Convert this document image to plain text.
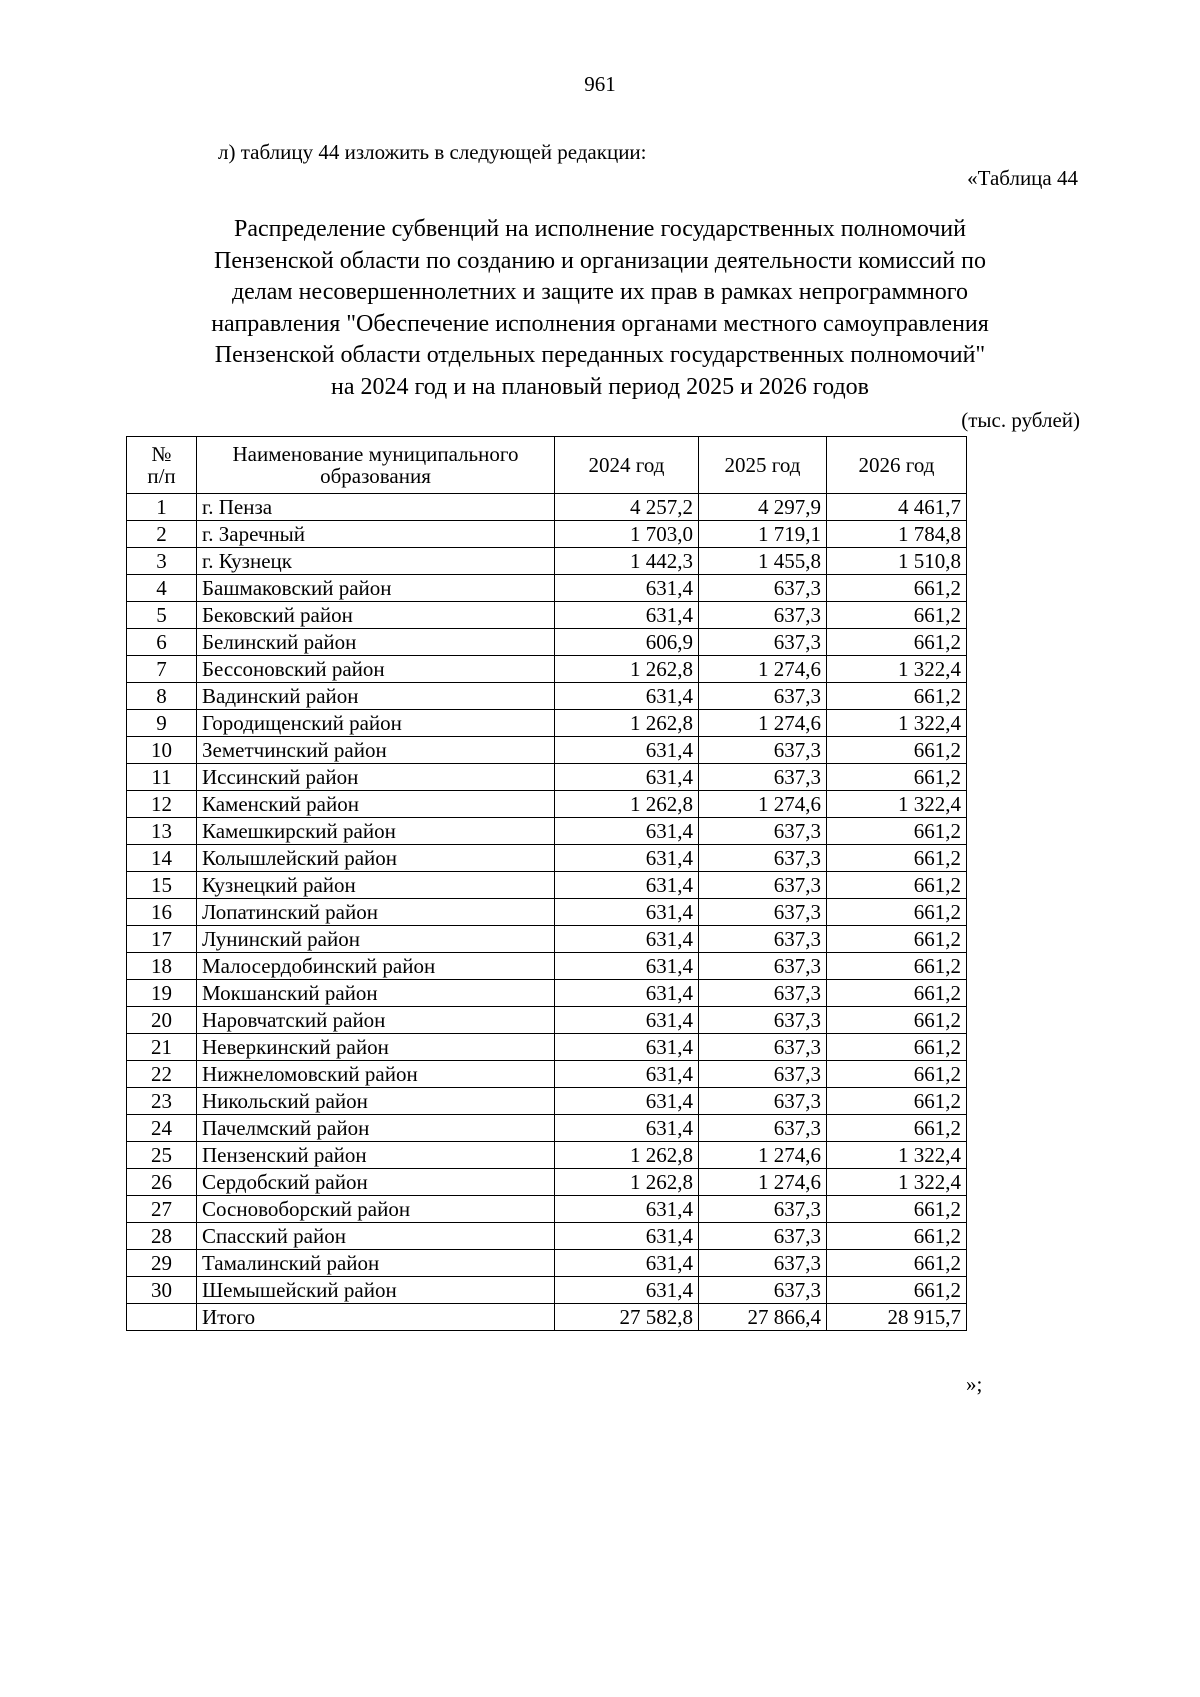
961
л) таблицу 44 изложить в следующей редакции:
«Таблица 44
Распределение субвенций на исполнение государственных полномочий
Пензенской области по созданию и организации деятельности комиссий по
делам несовершеннолетних и защите их прав в рамках непрограммного
направления "Обеспечение исполнения органами местного самоуправления
Пензенской области отдельных переданных государственных полномочий"
на 2024 год и на плановый период 2025 и 2026 годов
(тыс. рублей)
№
п/п	Наименование муниципального образования	2024 год	2025 год	2026 год
1	г. Пенза	4 257,2	4 297,9	4 461,7
2	г. Заречный	1 703,0	1 719,1	1 784,8
3	г. Кузнецк	1 442,3	1 455,8	1 510,8
4	Башмаковский район	631,4	637,3	661,2
5	Бековский район	631,4	637,3	661,2
6	Белинский район	606,9	637,3	661,2
7	Бессоновский район	1 262,8	1 274,6	1 322,4
8	Вадинский район	631,4	637,3	661,2
9	Городищенский район	1 262,8	1 274,6	1 322,4
10	Земетчинский район	631,4	637,3	661,2
11	Иссинский район	631,4	637,3	661,2
12	Каменский район	1 262,8	1 274,6	1 322,4
13	Камешкирский район	631,4	637,3	661,2
14	Колышлейский район	631,4	637,3	661,2
15	Кузнецкий район	631,4	637,3	661,2
16	Лопатинский район	631,4	637,3	661,2
17	Лунинский район	631,4	637,3	661,2
18	Малосердобинский район	631,4	637,3	661,2
19	Мокшанский район	631,4	637,3	661,2
20	Наровчатский район	631,4	637,3	661,2
21	Неверкинский район	631,4	637,3	661,2
22	Нижнеломовский район	631,4	637,3	661,2
23	Никольский район	631,4	637,3	661,2
24	Пачелмский район	631,4	637,3	661,2
25	Пензенский район	1 262,8	1 274,6	1 322,4
26	Сердобский район	1 262,8	1 274,6	1 322,4
27	Сосновоборский район	631,4	637,3	661,2
28	Спасский район	631,4	637,3	661,2
29	Тамалинский район	631,4	637,3	661,2
30	Шемышейский район	631,4	637,3	661,2
	Итого	27 582,8	27 866,4	28 915,7
»;
